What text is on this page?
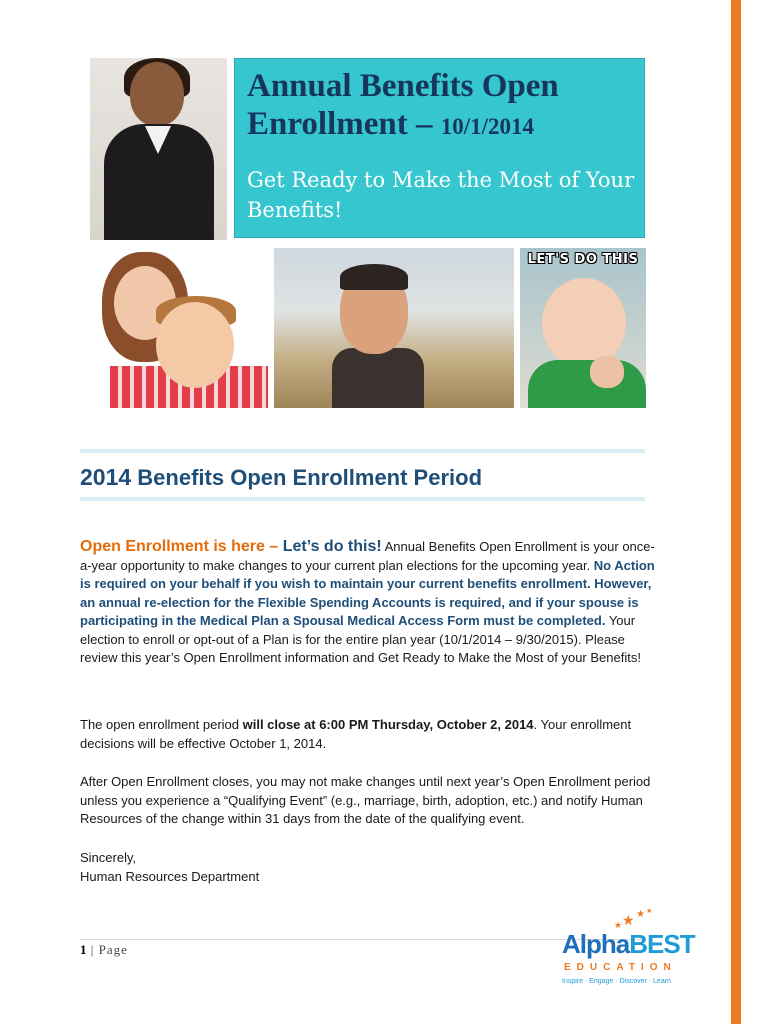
Annual Benefits Open Enrollment – 10/1/2014

Get Ready to Make the Most of Your Benefits!

LET'S DO THIS
2014 Benefits Open Enrollment Period

Open Enrollment is here – Let’s do this! Annual Benefits Open Enrollment is your once-a-year opportunity to make changes to your current plan elections for the upcoming year. No Action is required on your behalf if you wish to maintain your current benefits enrollment. However, an annual re-election for the Flexible Spending Accounts is required, and if your spouse is participating in the Medical Plan a Spousal Medical Access Form must be completed. Your election to enroll or opt-out of a Plan is for the entire plan year (10/1/2014 – 9/30/2015). Please review this year’s Open Enrollment information and Get Ready to Make the Most of your Benefits!

The open enrollment period will close at 6:00 PM Thursday, October 2, 2014. Your enrollment decisions will be effective October 1, 2014.

After Open Enrollment closes, you may not make changes until next year’s Open Enrollment period unless you experience a “Qualifying Event” (e.g., marriage, birth, adoption, etc.) and notify Human Resources of the change within 31 days from the date of the qualifying event.

Sincerely,
Human Resources Department

1 | Page

★ ★ ★
★
AlphaBEST
EDUCATION
Inspire · Engage · Discover · Learn
